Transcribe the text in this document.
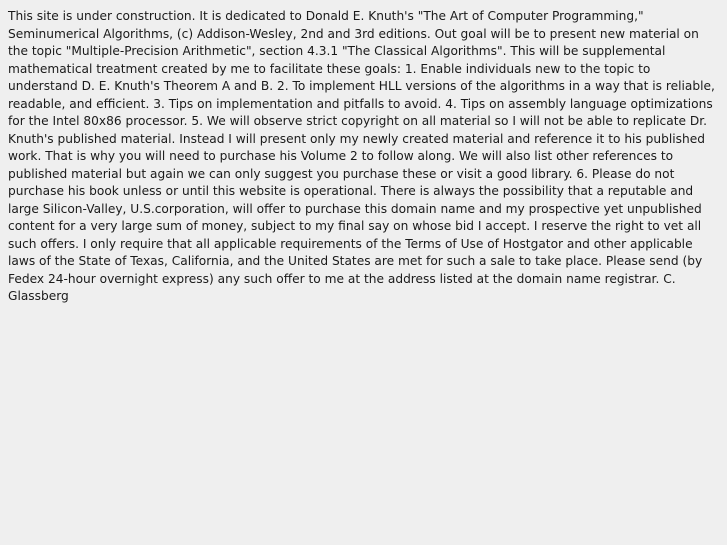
This site is under construction. It is dedicated to Donald E. Knuth's "The Art of Computer Programming," Seminumerical Algorithms, (c) Addison-Wesley, 2nd and 3rd editions. Out goal will be to present new material on the topic "Multiple-Precision Arithmetic", section 4.3.1 "The Classical Algorithms". This will be supplemental mathematical treatment created by me to facilitate these goals: 1. Enable individuals new to the topic to understand D. E. Knuth's Theorem A and B. 2. To implement HLL versions of the algorithms in a way that is reliable, readable, and efficient. 3. Tips on implementation and pitfalls to avoid. 4. Tips on assembly language optimizations for the Intel 80x86 processor. 5. We will observe strict copyright on all material so I will not be able to replicate Dr. Knuth's published material. Instead I will present only my newly created material and reference it to his published work. That is why you will need to purchase his Volume 2 to follow along. We will also list other references to published material but again we can only suggest you purchase these or visit a good library. 6. Please do not purchase his book unless or until this website is operational. There is always the possibility that a reputable and large Silicon-Valley, U.S.corporation, will offer to purchase this domain name and my prospective yet unpublished content for a very large sum of money, subject to my final say on whose bid I accept. I reserve the right to vet all such offers. I only require that all applicable requirements of the Terms of Use of Hostgator and other applicable laws of the State of Texas, California, and the United States are met for such a sale to take place. Please send (by Fedex 24-hour overnight express) any such offer to me at the address listed at the domain name registrar. C. Glassberg
